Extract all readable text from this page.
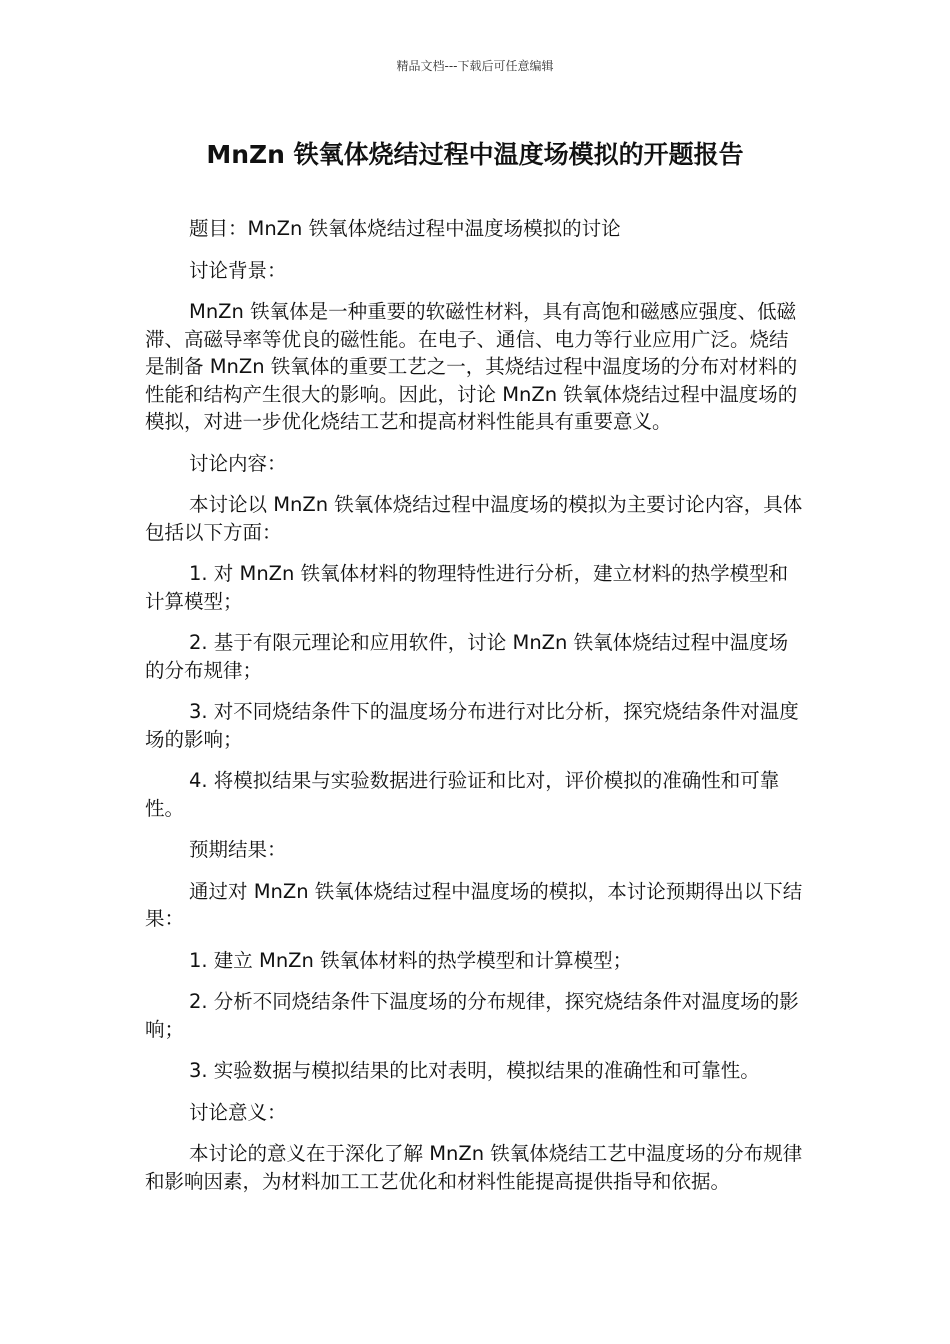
精品文档---下载后可任意编辑
MnZn 铁氧体烧结过程中温度场模拟的开题报告

题目：MnZn 铁氧体烧结过程中温度场模拟的讨论

讨论背景：

MnZn 铁氧体是一种重要的软磁性材料，具有高饱和磁感应强度、低磁滞、高磁导率等优良的磁性能。在电子、通信、电力等行业应用广泛。烧结是制备 MnZn 铁氧体的重要工艺之一，其烧结过程中温度场的分布对材料的性能和结构产生很大的影响。因此，讨论 MnZn 铁氧体烧结过程中温度场的模拟，对进一步优化烧结工艺和提高材料性能具有重要意义。

讨论内容：

本讨论以 MnZn 铁氧体烧结过程中温度场的模拟为主要讨论内容，具体包括以下方面：

1. 对 MnZn 铁氧体材料的物理特性进行分析，建立材料的热学模型和计算模型；

2. 基于有限元理论和应用软件，讨论 MnZn 铁氧体烧结过程中温度场的分布规律；

3. 对不同烧结条件下的温度场分布进行对比分析，探究烧结条件对温度场的影响；

4. 将模拟结果与实验数据进行验证和比对，评价模拟的准确性和可靠性。

预期结果：

通过对 MnZn 铁氧体烧结过程中温度场的模拟，本讨论预期得出以下结果：

1. 建立 MnZn 铁氧体材料的热学模型和计算模型；

2. 分析不同烧结条件下温度场的分布规律，探究烧结条件对温度场的影响；

3. 实验数据与模拟结果的比对表明，模拟结果的准确性和可靠性。

讨论意义：

本讨论的意义在于深化了解 MnZn 铁氧体烧结工艺中温度场的分布规律和影响因素，为材料加工工艺优化和材料性能提高提供指导和依据。
